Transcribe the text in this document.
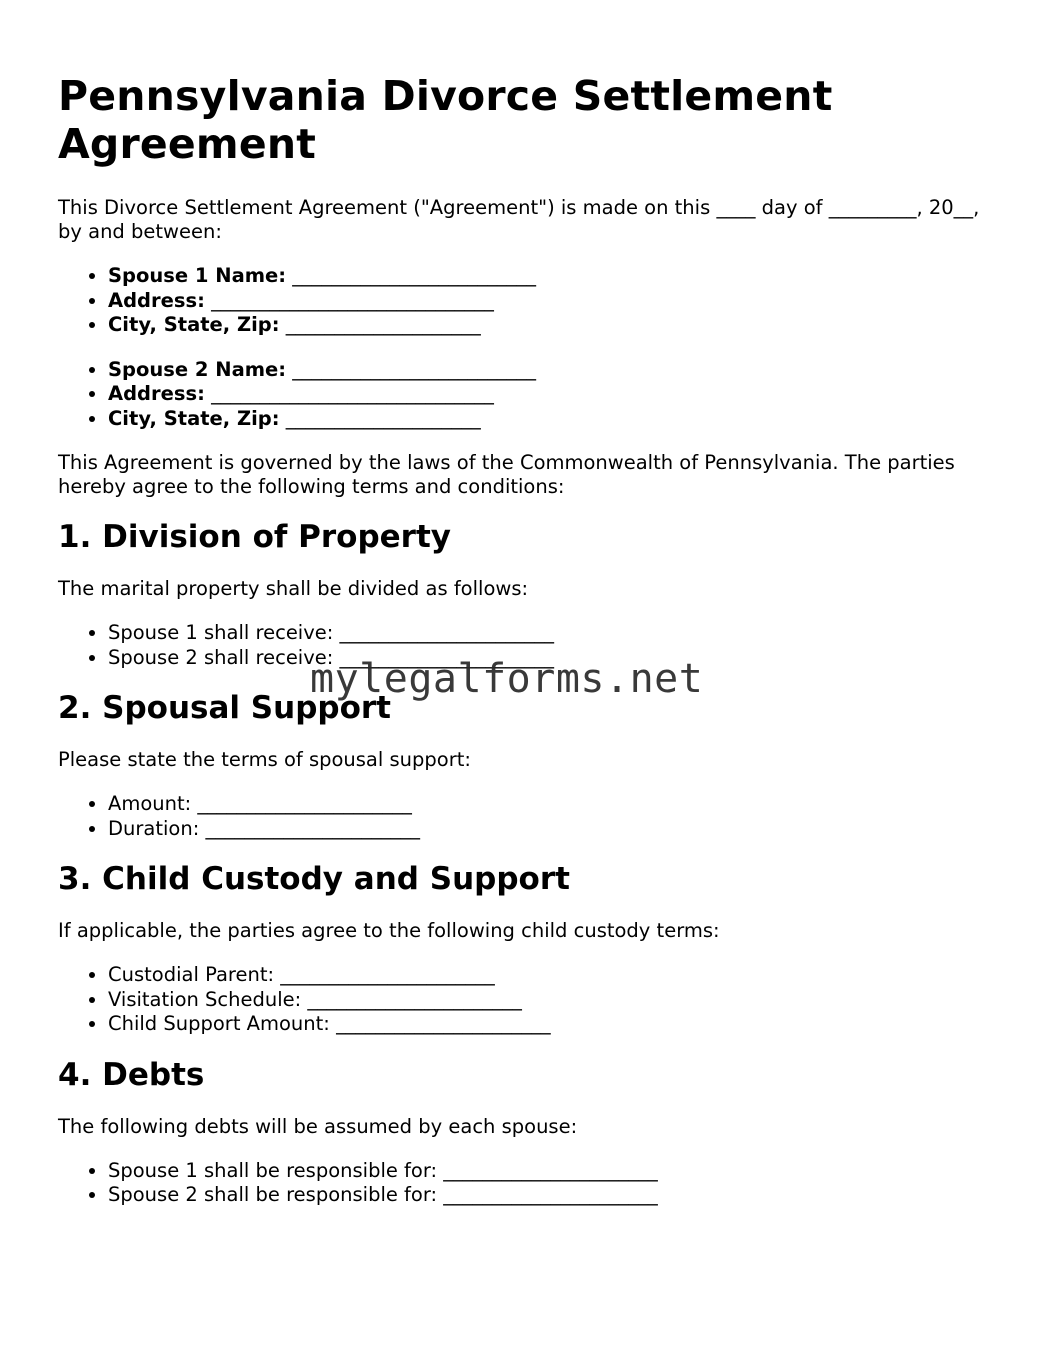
Pennsylvania Divorce Settlement Agreement

This Divorce Settlement Agreement ("Agreement") is made on this ____ day of _________, 20__, by and between:

• Spouse 1 Name: _________________________
• Address: _____________________________
• City, State, Zip: ____________________
• Spouse 2 Name: _________________________
• Address: _____________________________
• City, State, Zip: ____________________

This Agreement is governed by the laws of the Commonwealth of Pennsylvania. The parties hereby agree to the following terms and conditions:

1. Division of Property

The marital property shall be divided as follows:

• Spouse 1 shall receive: ______________________
• Spouse 2 shall receive: ______________________
2. Spousal Support

Please state the terms of spousal support:

• Amount: ______________________
• Duration: ______________________
3. Child Custody and Support

If applicable, the parties agree to the following child custody terms:

• Custodial Parent: ______________________
• Visitation Schedule: ______________________
• Child Support Amount: ______________________
4. Debts

The following debts will be assumed by each spouse:

• Spouse 1 shall be responsible for: ______________________
• Spouse 2 shall be responsible for: ______________________
mylegalforms.net
